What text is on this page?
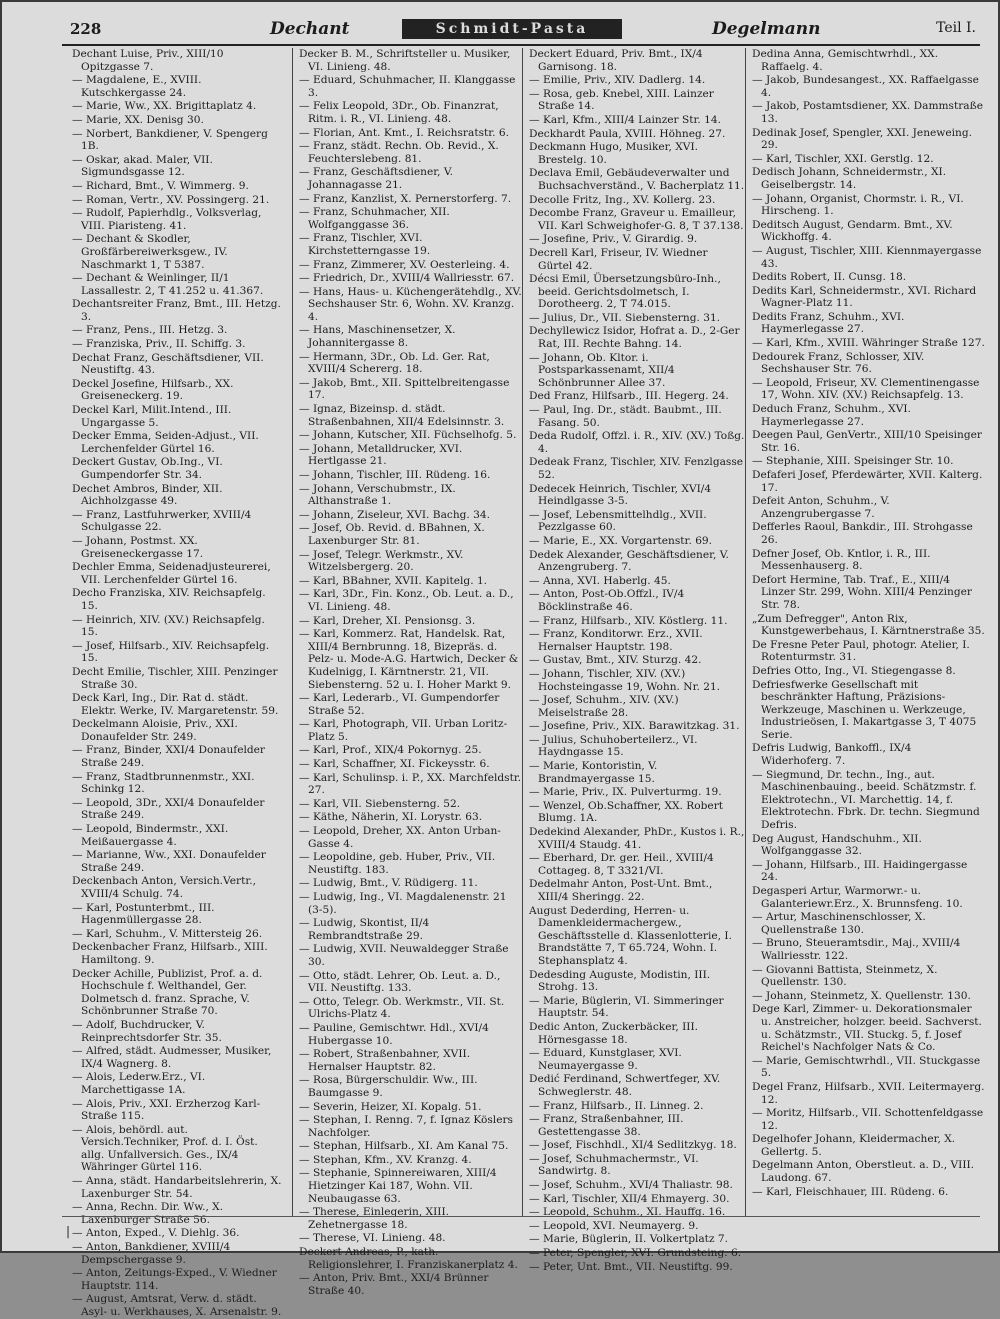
228	Dechant	Schmidt-Pasta	Degelmann	Teil I.
Dechant Luise, Priv., XIII/10 Opitzgasse 7.
— Magdalene, E., XVIII. Kutschkergasse 24.
— Marie, Ww., XX. Brigittaplatz 4.
— Marie, XX. Denisg 30.
— Norbert, Bankdiener, V. Spengerg 1B.
— Oskar, akad. Maler, VII. Sigmundsgasse 12.
— Richard, Bmt., V. Wimmerg. 9.
— Roman, Vertr., XV. Possingerg. 21.
— Rudolf, Papierhdlg., Volksverlag, VIII. Piaristeng. 41.
— Dechant & Skodler, Großfärbereiwerksgew., IV. Naschmarkt 1, T 5387.
— Dechant & Weinlinger, II/1 Lassallestr. 2, T 41.252 u. 41.367.
Dechantsreiter Franz, Bmt., III. Hetzg. 3.
— Franz, Pens., III. Hetzg. 3.
— Franziska, Priv., II. Schiffg. 3.
Dechat Franz, Geschäftsdiener, VII. Neustiftg. 43.
Deckel Josefine, Hilfsarb., XX. Greiseneckerg. 19.
Deckel Karl, Milit.Intend., III. Ungargasse 5.
Decker Emma, Seiden-Adjust., VII. Lerchenfelder Gürtel 16.
Deckert Gustav, Ob.Ing., VI. Gumpendorfer Str. 34.
Dechet Ambros, Binder, XII. Aichholzgasse 49.
— Franz, Lastfuhrwerker, XVIII/4 Schulgasse 22.
— Johann, Postmst. XX. Greiseneckergasse 17.
Dechler Emma, Seidenadjusteurerei, VII. Lerchenfelder Gürtel 16.
Decho Franziska, XIV. Reichsapfelg. 15.
— Heinrich, XIV. (XV.) Reichsapfelg. 15.
— Josef, Hilfsarb., XIV. Reichsapfelg. 15.
Decht Emilie, Tischler, XIII. Penzinger Straße 30.
Deck Karl, Ing., Dir. Rat d. städt. Elektr. Werke, IV. Margaretenstr. 59.
Deckelmann Aloisie, Priv., XXI. Donaufelder Str. 249.
— Franz, Binder, XXI/4 Donaufelder Straße 249.
— Franz, Stadtbrunnenmstr., XXI. Schinkg 12.
— Leopold, 3Dr., XXI/4 Donaufelder Straße 249.
— Leopold, Bindermstr., XXI. Meißauergasse 4.
— Marianne, Ww., XXI. Donaufelder Straße 249.
Deckenbach Anton, Versich.Vertr., XVIII/4 Schulg. 74.
— Karl, Postunterbmt., III. Hagenmüllergasse 28.
— Karl, Schuhm., V. Mittersteig 26.
Deckenbacher Franz, Hilfsarb., XIII. Hamiltong. 9.
Decker Achille, Publizist, Prof. a. d. Hochschule f. Welthandel, Ger. Dolmetsch d. franz. Sprache, V. Schönbrunner Straße 70.
— Adolf, Buchdrucker, V. Reinprechtsdorfer Str. 35.
— Alfred, städt. Audmesser, Musiker, IX/4 Wagnerg. 8.
— Alois, Lederw.Erz., VI. Marchettigasse 1A.
— Alois, Priv., XXI. Erzherzog Karl-Straße 115.
— Alois, behördl. aut. Versich.Techniker, Prof. d. I. Öst. allg. Unfallversich. Ges., IX/4 Währinger Gürtel 116.
— Anna, städt. Handarbeitslehrerin, X. Laxenburger Str. 54.
— Anna, Rechn. Dir. Ww., X. Laxenburger Straße 56.
— Anton, Exped., V. Diehlg. 36.
— Anton, Bankdiener, XVIII/4 Dempschergasse 9.
— Anton, Zeitungs-Exped., V. Wiedner Hauptstr. 114.
— August, Amtsrat, Verw. d. städt. Asyl- u. Werkhauses, X. Arsenalstr. 9.
Decker B. M., Schriftsteller u. Musiker, VI. Linieng. 48.
— Eduard, Schuhmacher, II. Klanggasse 3.
— Felix Leopold, 3Dr., Ob. Finanzrat, Ritm. i. R., VI. Linieng. 48.
— Florian, Ant. Kmt., I. Reichsratstr. 6.
— Franz, städt. Rechn. Ob. Revid., X. Feuchterslebeng. 81.
— Franz, Geschäftsdiener, V. Johannagasse 21.
— Franz, Kanzlist, X. Pernerstorferg. 7.
— Franz, Schuhmacher, XII. Wolfganggasse 36.
— Franz, Tischler, XVI. Kirchstetterngasse 19.
— Franz, Zimmerer, XV. Oesterleing. 4.
— Friedrich, Dr., XVIII/4 Wallriesstr. 67.
— Hans, Haus- u. Küchengerätehdlg., XV. Sechshauser Str. 6, Wohn. XV. Kranzg. 4.
— Hans, Maschinensetzer, X. Johannitergasse 8.
— Hermann, 3Dr., Ob. Ld. Ger. Rat, XVIII/4 Schererg. 18.
— Jakob, Bmt., XII. Spittelbreitengasse 17.
— Ignaz, Bizeinsp. d. städt. Straßenbahnen, XII/4 Edelsinnstr. 3.
— Johann, Kutscher, XII. Füchselhofg. 5.
— Johann, Metalldrucker, XVI. Hertlgasse 21.
— Johann, Tischler, III. Rüdeng. 16.
— Johann, Verschubmstr., IX. Althanstraße 1.
— Johann, Ziseleur, XVI. Bachg. 34.
— Josef, Ob. Revid. d. BBahnen, X. Laxenburger Str. 81.
— Josef, Telegr. Werkmstr., XV. Witzelsbergerg. 20.
— Karl, BBahner, XVII. Kapitelg. 1.
— Karl, 3Dr., Fin. Konz., Ob. Leut. a. D., VI. Linieng. 48.
— Karl, Dreher, XI. Pensionsg. 3.
— Karl, Kommerz. Rat, Handelsk. Rat, XIII/4 Bernbrunng. 18, Bizepräs. d. Pelz- u. Mode-A.G. Hartwich, Decker & Kudelnigg, I. Kärntnerstr. 21, VII. Siebensterng. 52 u. I. Hoher Markt 9.
— Karl, Lederarb., VI. Gumpendorfer Straße 52.
— Karl, Photograph, VII. Urban Loritz-Platz 5.
— Karl, Prof., XIX/4 Pokornyg. 25.
— Karl, Schaffner, XI. Fickeysstr. 6.
— Karl, Schulinsp. i. P., XX. Marchfeldstr. 27.
— Karl, VII. Siebensterng. 52.
— Käthe, Näherin, XI. Lorystr. 63.
— Leopold, Dreher, XX. Anton Urban-Gasse 4.
— Leopoldine, geb. Huber, Priv., VII. Neustiftg. 183.
— Ludwig, Bmt., V. Rüdigerg. 11.
— Ludwig, Ing., VI. Magdalenenstr. 21 (3-5).
— Ludwig, Skontist, II/4 Rembrandtstraße 29.
— Ludwig, XVII. Neuwaldegger Straße 30.
— Otto, städt. Lehrer, Ob. Leut. a. D., VII. Neustiftg. 133.
— Otto, Telegr. Ob. Werkmstr., VII. St. Ulrichs-Platz 4.
— Pauline, Gemischtwr. Hdl., XVI/4 Hubergasse 10.
— Robert, Straßenbahner, XVII. Hernalser Hauptstr. 82.
— Rosa, Bürgerschuldir. Ww., III. Baumgasse 9.
— Severin, Heizer, XI. Kopalg. 51.
— Stephan, I. Renng. 7, f. Ignaz Köslers Nachfolger.
— Stephan, Hilfsarb., XI. Am Kanal 75.
— Stephan, Kfm., XV. Kranzg. 4.
— Stephanie, Spinnereiwaren, XIII/4 Hietzinger Kai 187, Wohn. VII. Neubaugasse 63.
— Therese, Einlegerin, XIII. Zehetnergasse 18.
— Therese, VI. Linieng. 48.
Deckert Andreas, P., kath. Religionslehrer, I. Franziskanerplatz 4.
— Anton, Priv. Bmt., XXI/4 Brünner Straße 40.
Deckert Eduard, Priv. Bmt., IX/4 Garnisong. 18.
— Emilie, Priv., XIV. Dadlerg. 14.
— Rosa, geb. Knebel, XIII. Lainzer Straße 14.
— Karl, Kfm., XIII/4 Lainzer Str. 14.
Deckhardt Paula, XVIII. Höhneg. 27.
Deckmann Hugo, Musiker, XVI. Brestelg. 10.
Declava Emil, Gebäudeverwalter und Buchsachverständ., V. Bacherplatz 11.
Decolle Fritz, Ing., XV. Kollerg. 23.
Decombe Franz, Graveur u. Emailleur, VII. Karl Schweighofer-G. 8, T 37.138.
— Josefine, Priv., V. Girardig. 9.
Decrell Karl, Friseur, IV. Wiedner Gürtel 42.
Décsi Emil, Übersetzungsbüro-Inh., beeid. Gerichtsdolmetsch, I. Dorotheerg. 2, T 74.015.
— Julius, Dr., VII. Siebensterng. 31.
Dechyllewicz Isidor, Hofrat a. D., 2-Ger Rat, III. Rechte Bahng. 14.
— Johann, Ob. Kltor. i. Postsparkassenamt, XII/4 Schönbrunner Allee 37.
Ded Franz, Hilfsarb., III. Hegerg. 24.
— Paul, Ing. Dr., städt. Baubmt., III. Fasang. 50.
Deda Rudolf, Offzl. i. R., XIV. (XV.) Toßg. 4.
Dedeak Franz, Tischler, XIV. Fenzlgasse 52.
Dedecek Heinrich, Tischler, XVI/4 Heindlgasse 3-5.
— Josef, Lebensmittelhdlg., XVII. Pezzlgasse 60.
— Marie, E., XX. Vorgartenstr. 69.
Dedek Alexander, Geschäftsdiener, V. Anzengruberg. 7.
— Anna, XVI. Haberlg. 45.
— Anton, Post-Ob.Offzl., IV/4 Böcklinstraße 46.
— Franz, Hilfsarb., XIV. Köstlerg. 11.
— Franz, Konditorwr. Erz., XVII. Hernalser Hauptstr. 198.
— Gustav, Bmt., XIV. Sturzg. 42.
— Johann, Tischler, XIV. (XV.) Hochsteingasse 19, Wohn. Nr. 21.
— Josef, Schuhm., XIV. (XV.) Meiselstraße 28.
— Josefine, Priv., XIX. Barawitzkag. 31.
— Julius, Schuhoberteilerz., VI. Haydngasse 15.
— Marie, Kontoristin, V. Brandmayergasse 15.
— Marie, Priv., IX. Pulverturmg. 19.
— Wenzel, Ob.Schaffner, XX. Robert Blumg. 1A.
Dedekind Alexander, PhDr., Kustos i. R., XVIII/4 Staudg. 41.
— Eberhard, Dr. ger. Heil., XVIII/4 Cottageg. 8, T 3321/VI.
Dedelmahr Anton, Post-Unt. Bmt., XIII/4 Sheringg. 22.
August Dederding, Herren- u. Damenkleidermachergew., Geschäftsstelle d. Klassenlotterie, I. Brandstätte 7, T 65.724, Wohn. I. Stephansplatz 4.
Dedesding Auguste, Modistin, III. Strohg. 13.
— Marie, Büglerin, VI. Simmeringer Hauptstr. 54.
Dedic Anton, Zuckerbäcker, III. Hörnesgasse 18.
— Eduard, Kunstglaser, XVI. Neumayergasse 9.
Dedić Ferdinand, Schwertfeger, XV. Schweglerstr. 48.
— Franz, Hilfsarb., II. Linneg. 2.
— Franz, Straßenbahner, III. Gestettengasse 38.
— Josef, Fischhdl., XI/4 Sedlitzkyg. 18.
— Josef, Schuhmachermstr., VI. Sandwirtg. 8.
— Josef, Schuhm., XVI/4 Thaliastr. 98.
— Karl, Tischler, XII/4 Ehmayerg. 30.
— Leopold, Schuhm., XI. Hauffg. 16.
— Leopold, XVI. Neumayerg. 9.
— Marie, Büglerin, II. Volkertplatz 7.
— Peter, Spengler, XVI. Grundsteing. 6.
— Peter, Unt. Bmt., VII. Neustiftg. 99.
Dedina Anna, Gemischtwrhdl., XX. Raffaelg. 4.
— Jakob, Bundesangest., XX. Raffaelgasse 4.
— Jakob, Postamtsdiener, XX. Dammstraße 13.
Dedinak Josef, Spengler, XXI. Jeneweing. 29.
— Karl, Tischler, XXI. Gerstlg. 12.
Dedisch Johann, Schneidermstr., XI. Geiselbergstr. 14.
— Johann, Organist, Chormstr. i. R., VI. Hirscheng. 1.
Deditsch August, Gendarm. Bmt., XV. Wickhoffg. 4.
— August, Tischler, XIII. Kiennmayergasse 43.
Dedits Robert, II. Cunsg. 18.
Dedits Karl, Schneidermstr., XVI. Richard Wagner-Platz 11.
Dedits Franz, Schuhm., XVI. Haymerlegasse 27.
— Karl, Kfm., XVIII. Währinger Straße 127.
Dedourek Franz, Schlosser, XIV. Sechshauser Str. 76.
— Leopold, Friseur, XV. Clementinengasse 17, Wohn. XIV. (XV.) Reichsapfelg. 13.
Deduch Franz, Schuhm., XVI. Haymerlegasse 27.
Deegen Paul, GenVertr., XIII/10 Speisinger Str. 16.
— Stephanie, XIII. Speisinger Str. 10.
Defaferi Josef, Pferdewärter, XVII. Kalterg. 17.
Defeit Anton, Schuhm., V. Anzengrubergasse 7.
Defferles Raoul, Bankdir., III. Strohgasse 26.
Defner Josef, Ob. Kntlor, i. R., III. Messenhauserg. 8.
Defort Hermine, Tab. Traf., E., XIII/4 Linzer Str. 299, Wohn. XIII/4 Penzinger Str. 78.
„Zum Defregger", Anton Rix, Kunstgewerbehaus, I. Kärntnerstraße 35.
De Fresne Peter Paul, photogr. Atelier, I. Rotenturmstr. 31.
Defries Otto, Ing., VI. Stiegengasse 8.
Defriesfwerke Gesellschaft mit beschränkter Haftung, Präzisions-Werkzeuge, Maschinen u. Werkzeuge, Industrieösen, I. Makartgasse 3, T 4075 Serie.
Defris Ludwig, Bankoffl., IX/4 Widerhoferg. 7.
— Siegmund, Dr. techn., Ing., aut. Maschinenbauing., beeid. Schätzmstr. f. Elektrotechn., VI. Marchettig. 14, f. Elektrotechn. Fbrk. Dr. techn. Siegmund Defris.
Deg August, Handschuhm., XII. Wolfganggasse 32.
— Johann, Hilfsarb., III. Haidingergasse 24.
Degasperi Artur, Warmorwr.- u. Galanteriewr.Erz., X. Brunnsfeng. 10.
— Artur, Maschinenschlosser, X. Quellenstraße 130.
— Bruno, Steueramtsdir., Maj., XVIII/4 Wallriesstr. 122.
— Giovanni Battista, Steinmetz, X. Quellenstr. 130.
— Johann, Steinmetz, X. Quellenstr. 130.
Dege Karl, Zimmer- u. Dekorationsmaler u. Anstreicher, holzger. beeid. Sachverst. u. Schätzmstr., VII. Stuckg. 5, f. Josef Reichel's Nachfolger Nats & Co.
— Marie, Gemischtwrhdl., VII. Stuckgasse 5.
Degel Franz, Hilfsarb., XVII. Leitermayerg. 12.
— Moritz, Hilfsarb., VII. Schottenfeldgasse 12.
Degelhofer Johann, Kleidermacher, X. Gellertg. 5.
Degelmann Anton, Oberstleut. a. D., VIII. Laudong. 67.
— Karl, Fleischhauer, III. Rüdeng. 6.
|
